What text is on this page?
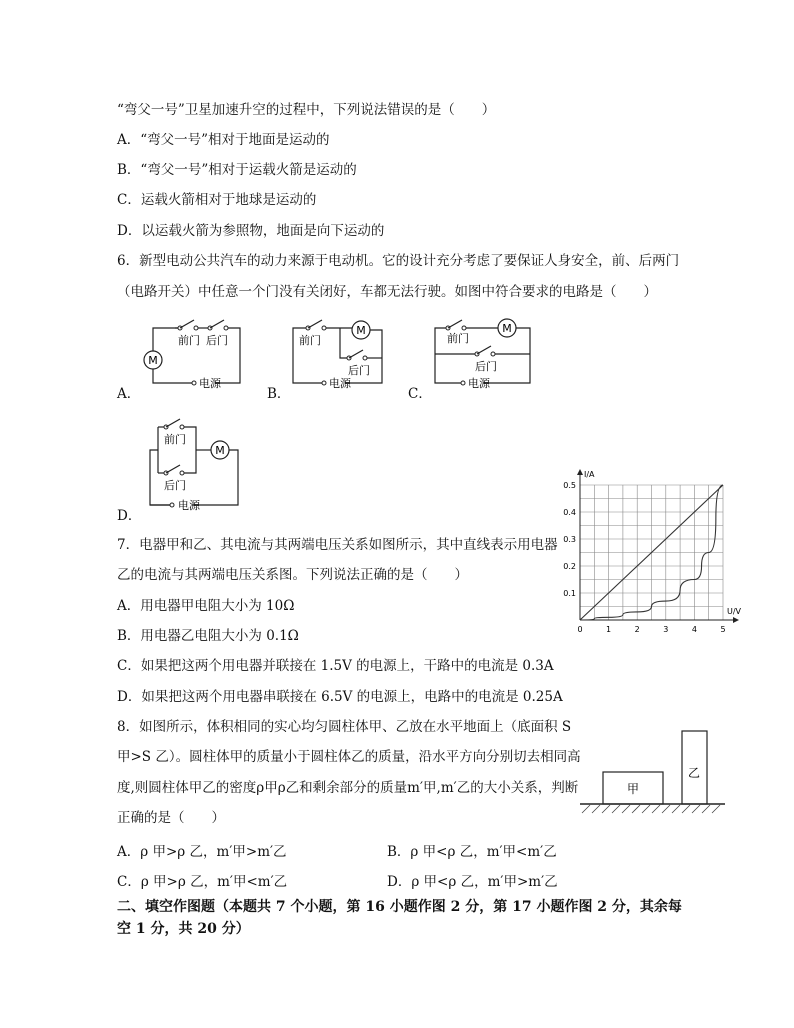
“弯父一号”卫星加速升空的过程中，下列说法错误的是（　　）
A．“弯父一号”相对于地面是运动的
B．“弯父一号”相对于运载火箭是运动的
C．运载火箭相对于地球是运动的
D．以运载火箭为参照物，地面是向下运动的
6．新型电动公共汽车的动力来源于电动机。它的设计充分考虑了要保证人身安全，前、后两门
（电路开关）中任意一个门没有关闭好，车都无法行驶。如图中符合要求的电路是（　　）
M
前门 后门
电源
A．
M
前门
后门
电源
B．
M
前门
后门
电源
C．
M
前门
后门
电源
D．
7．电器甲和乙、其电流与其两端电压关系如图所示，其中直线表示用电器
乙的电流与其两端电压关系图。下列说法正确的是（　　）
A．用电器甲电阻大小为 10Ω
B．用电器乙电阻大小为 0.1Ω
C．如果把这两个用电器并联接在 1.5V 的电源上，干路中的电流是 0.3A
D．如果把这两个用电器串联接在 6.5V 的电源上，电路中的电流是 0.25A
0	1	2	3	4	5
0.1
0.2
0.3
0.4
0.5
I/A
U/V
8．如图所示，体积相同的实心均匀圆柱体甲、乙放在水平地面上（底面积 S
甲>S 乙）。圆柱体甲的质量小于圆柱体乙的质量，沿水平方向分别切去相同高
度,则圆柱体甲乙的密度ρ甲ρ乙和剩余部分的质量m′甲,m′乙的大小关系，判断
正确的是（　　）
甲
乙
A．ρ 甲>ρ 乙，m′甲>m′乙	B．ρ 甲<ρ 乙，m′甲<m′乙
C．ρ 甲>ρ 乙，m′甲<m′乙	D．ρ 甲<ρ 乙，m′甲>m′乙
二、填空作图题（本题共 7 个小题，第 16 小题作图 2 分，第 17 小题作图 2 分，其余每空 1 分，共 20 分）
